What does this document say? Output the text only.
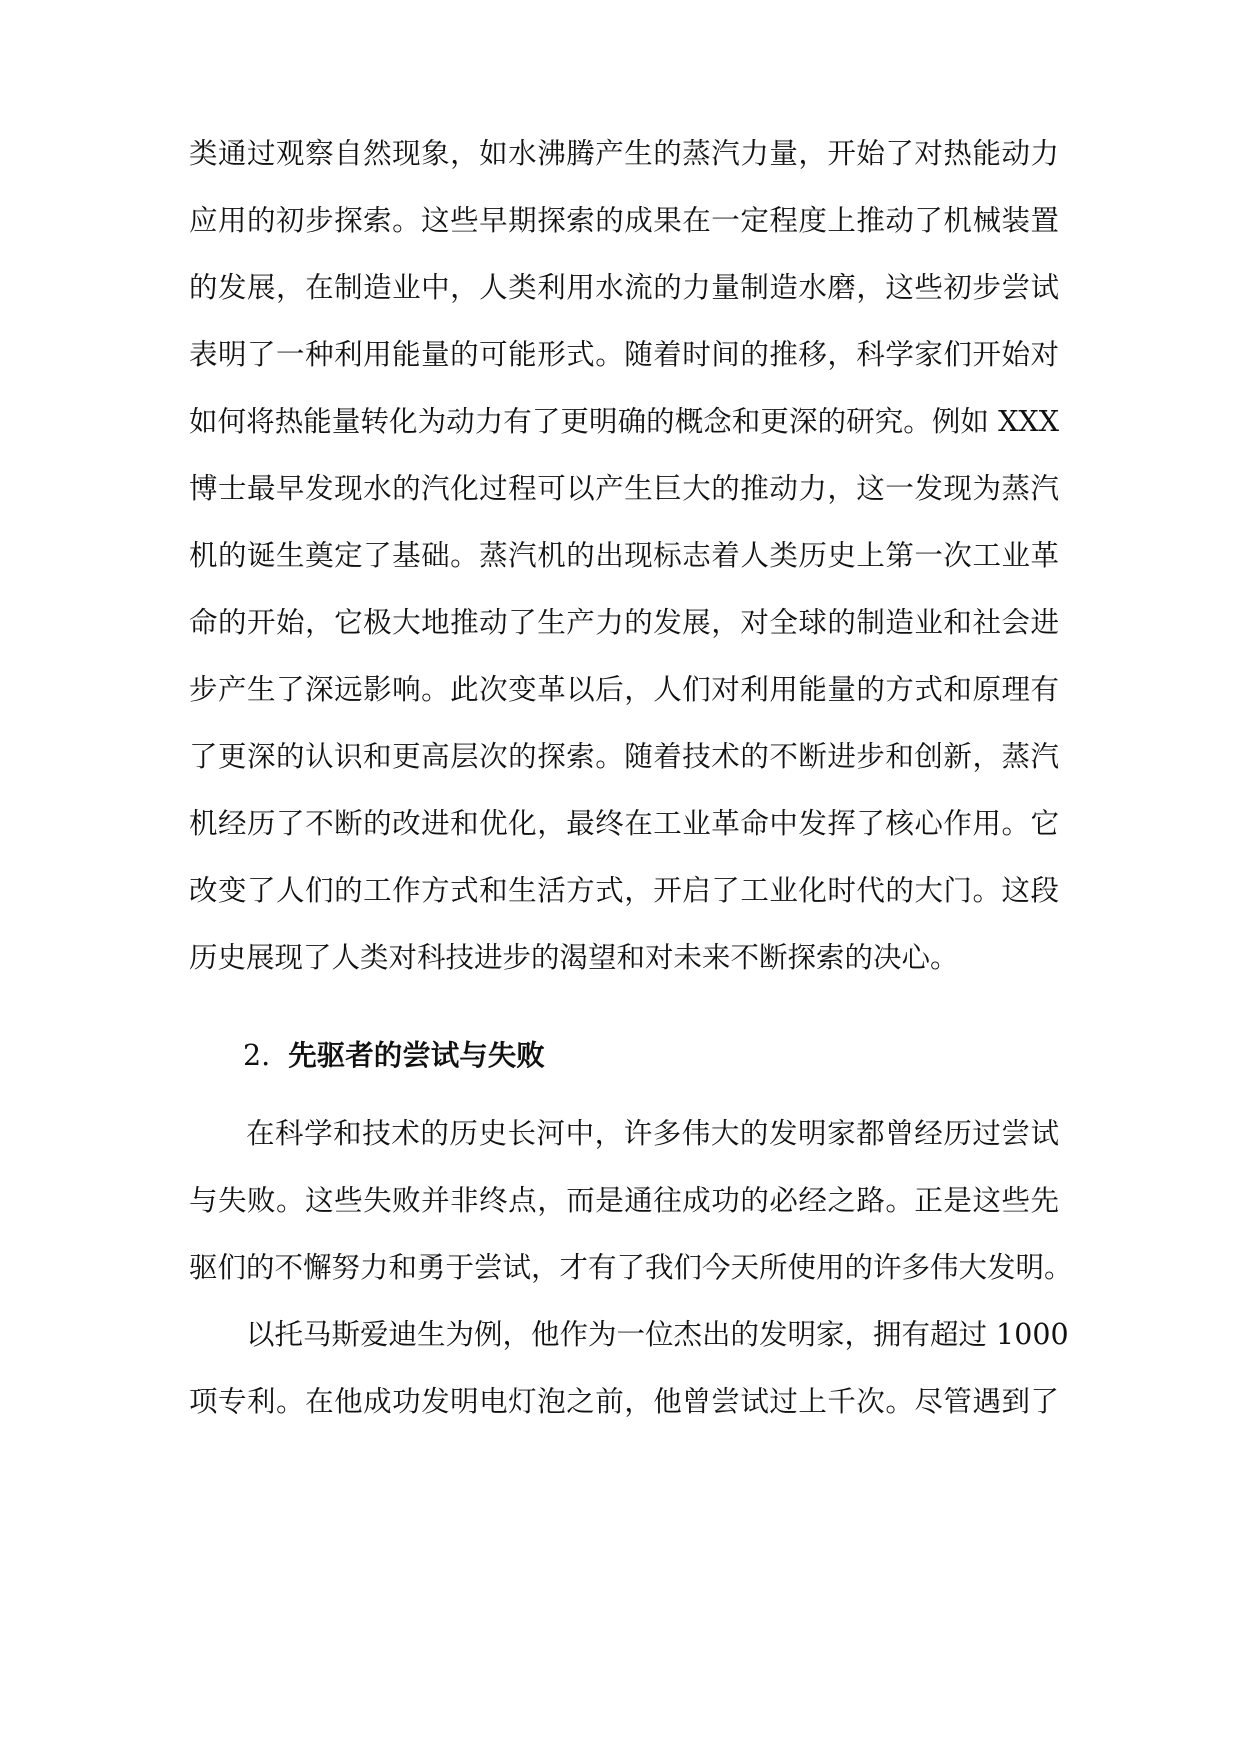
类通过观察自然现象，如水沸腾产生的蒸汽力量，开始了对热能动力
应用的初步探索。这些早期探索的成果在一定程度上推动了机械装置
的发展，在制造业中，人类利用水流的力量制造水磨，这些初步尝试
表明了一种利用能量的可能形式。随着时间的推移，科学家们开始对
如何将热能量转化为动力有了更明确的概念和更深的研究。例如 XXX
博士最早发现水的汽化过程可以产生巨大的推动力，这一发现为蒸汽
机的诞生奠定了基础。蒸汽机的出现标志着人类历史上第一次工业革
命的开始，它极大地推动了生产力的发展，对全球的制造业和社会进
步产生了深远影响。此次变革以后，人们对利用能量的方式和原理有
了更深的认识和更高层次的探索。随着技术的不断进步和创新，蒸汽
机经历了不断的改进和优化，最终在工业革命中发挥了核心作用。它
改变了人们的工作方式和生活方式，开启了工业化时代的大门。这段
历史展现了人类对科技进步的渴望和对未来不断探索的决心。
2. 先驱者的尝试与失败
在科学和技术的历史长河中，许多伟大的发明家都曾经历过尝试
与失败。这些失败并非终点，而是通往成功的必经之路。正是这些先
驱们的不懈努力和勇于尝试，才有了我们今天所使用的许多伟大发明。
以托马斯爱迪生为例，他作为一位杰出的发明家，拥有超过 1000
项专利。在他成功发明电灯泡之前，他曾尝试过上千次。尽管遇到了
